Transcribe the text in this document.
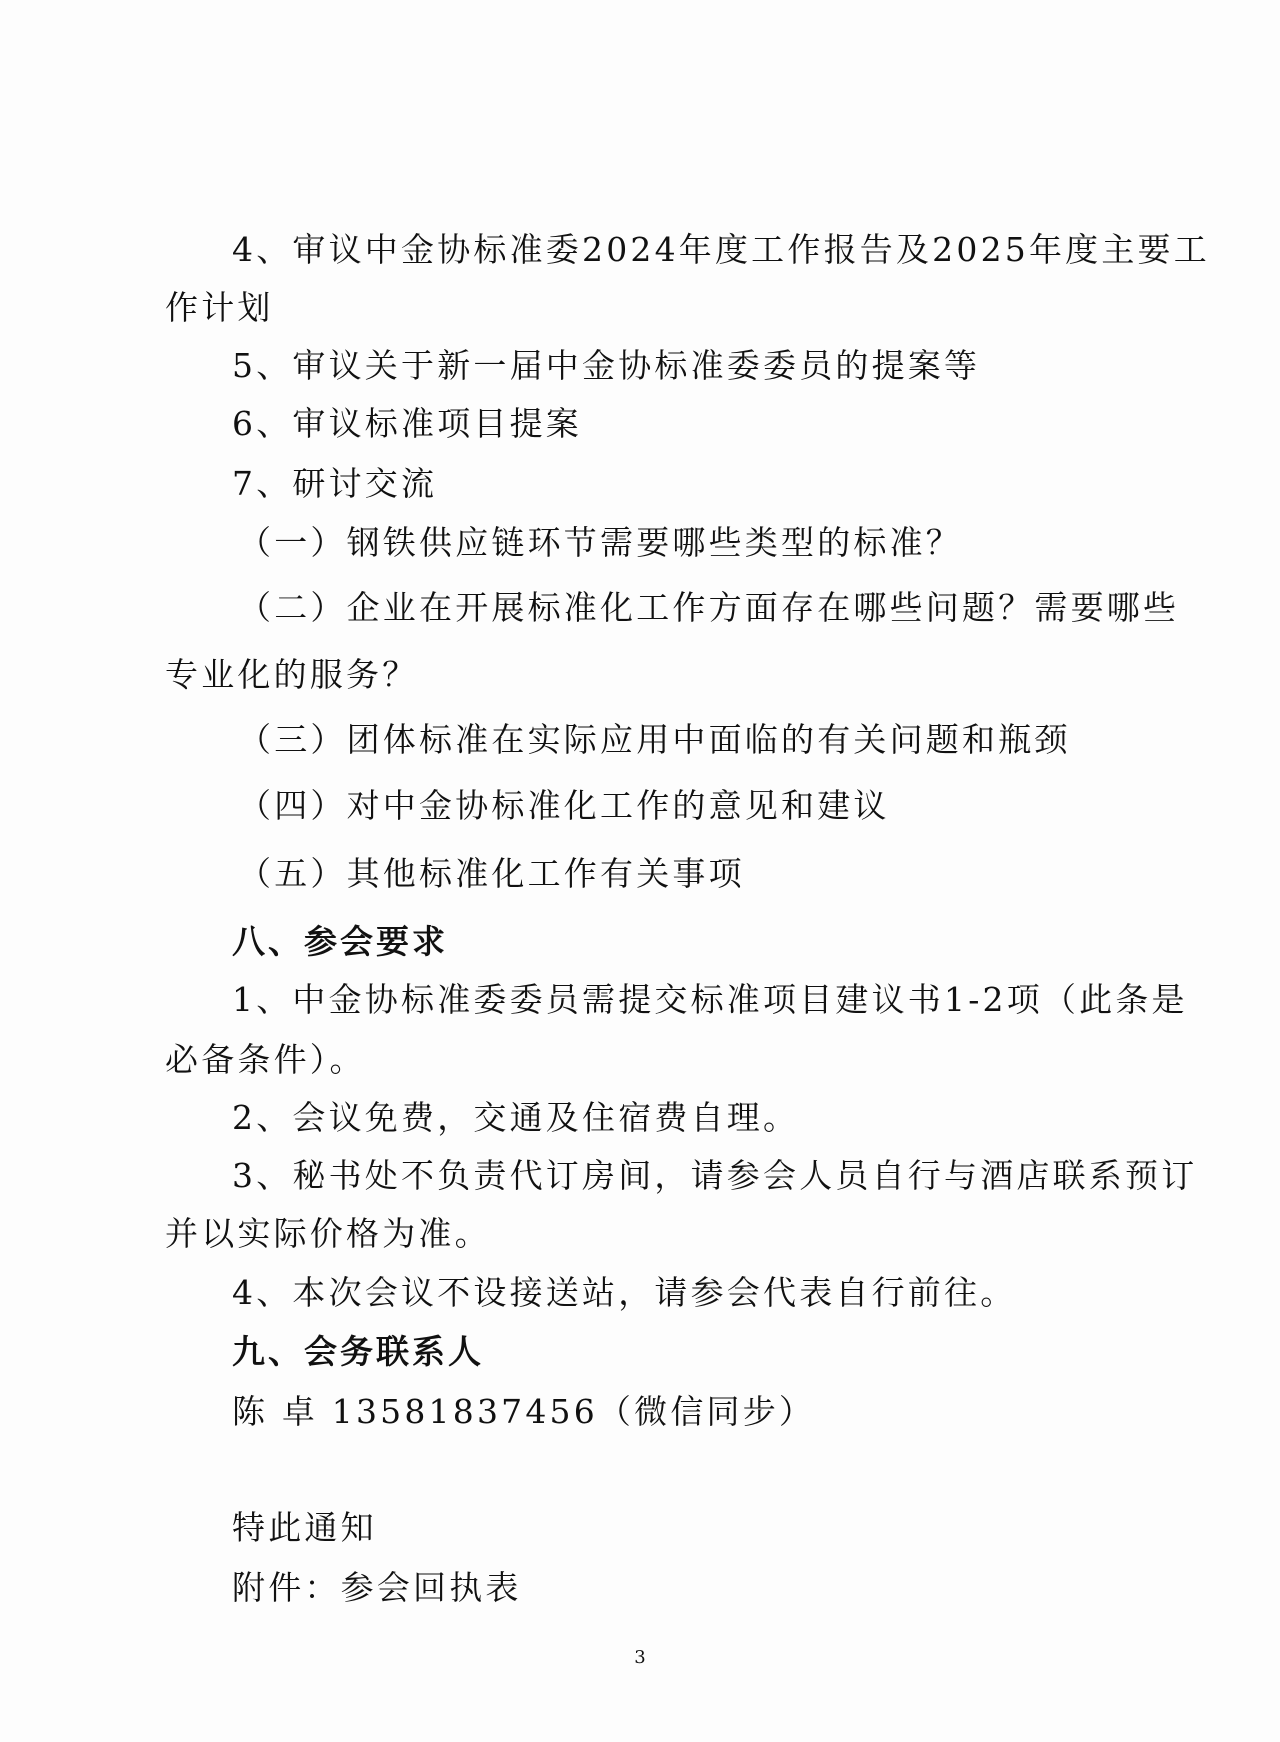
4、审议中金协标准委2024年度工作报告及2025年度主要工
作计划
5、审议关于新一届中金协标准委委员的提案等
6、审议标准项目提案
7、研讨交流
（一）钢铁供应链环节需要哪些类型的标准？
（二）企业在开展标准化工作方面存在哪些问题？需要哪些
专业化的服务？
（三）团体标准在实际应用中面临的有关问题和瓶颈
（四）对中金协标准化工作的意见和建议
（五）其他标准化工作有关事项
八、参会要求
1、中金协标准委委员需提交标准项目建议书1-2项（此条是
必备条件）。
2、会议免费，交通及住宿费自理。
3、秘书处不负责代订房间，请参会人员自行与酒店联系预订
并以实际价格为准。
4、本次会议不设接送站，请参会代表自行前往。
九、会务联系人
陈 卓 13581837456（微信同步）
特此通知
附件：参会回执表
3
